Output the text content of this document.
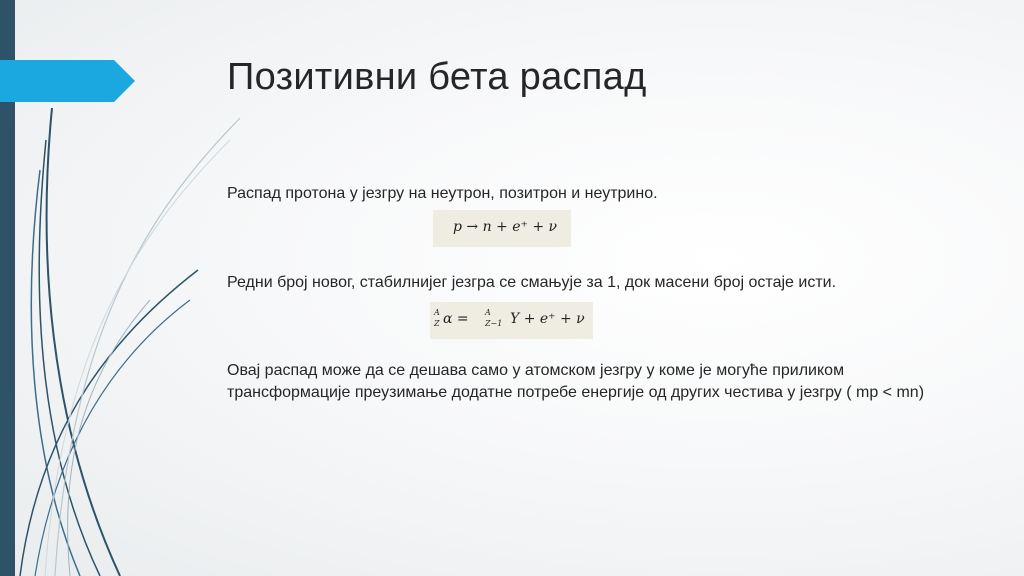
Позитивни бета распад

Распад протона у језгру на неутрон, позитрон и неутрино.

p → n + e⁺ + ν

Редни број новог, стабилнијег језгра се смањује за 1, док масени број остаје исти.

A
Z α = A
Z−1 Y + e⁺ + ν

Овај распад може да се дешава само у атомском језгру у коме је могуће приликом трансформације преузимање додатне потребе енергије од других честива у језгру ( mp < mn)
